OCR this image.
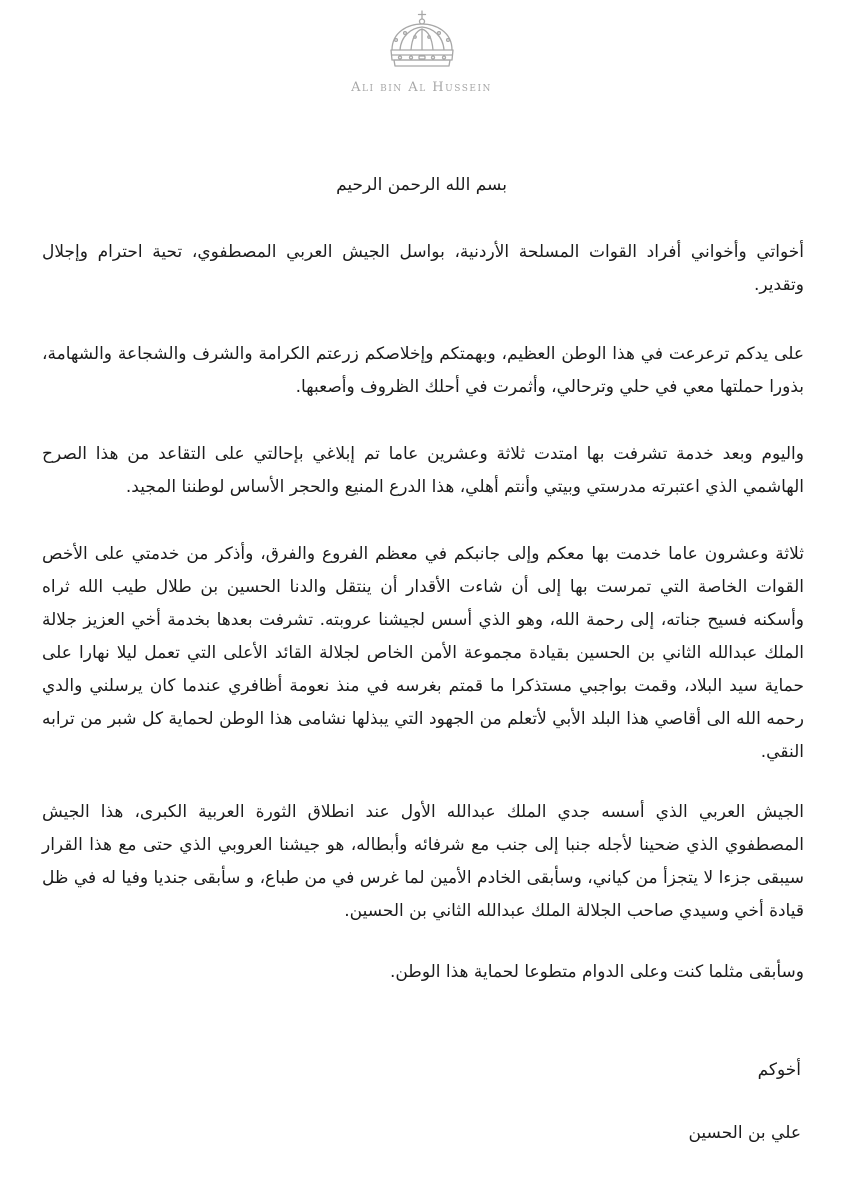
Ali bin Al Hussein
بسم الله الرحمن الرحيم

أخواتي وأخواني أفراد القوات المسلحة الأردنية، بواسل الجيش العربي المصطفوي، تحية احترام وإجلال وتقدير.

على يدكم ترعرعت في هذا الوطن العظيم، وبهمتكم وإخلاصكم زرعتم الكرامة والشرف والشجاعة والشهامة، بذورا حملتها معي في حلي وترحالي، وأثمرت في أحلك الظروف وأصعبها.

واليوم وبعد خدمة تشرفت بها امتدت ثلاثة وعشرين عاما تم إبلاغي بإحالتي على التقاعد من هذا الصرح الهاشمي الذي اعتبرته مدرستي وبيتي وأنتم أهلي، هذا الدرع المنيع والحجر الأساس لوطننا المجيد.

ثلاثة وعشرون عاما خدمت بها معكم وإلى جانبكم في معظم الفروع والفرق، وأذكر من خدمتي على الأخص القوات الخاصة التي تمرست بها إلى أن شاءت الأقدار أن ينتقل والدنا الحسين بن طلال طيب الله ثراه وأسكنه فسيح جناته، إلى رحمة الله، وهو الذي أسس لجيشنا عروبته. تشرفت بعدها بخدمة أخي العزيز جلالة الملك عبدالله الثاني بن الحسين بقيادة مجموعة الأمن الخاص لجلالة القائد الأعلى التي تعمل ليلا نهارا على حماية سيد البلاد، وقمت بواجبي مستذكرا ما قمتم بغرسه في منذ نعومة أظافري عندما كان يرسلني والدي رحمه الله الى أقاصي هذا البلد الأبي لأتعلم من الجهود التي يبذلها نشامى هذا الوطن لحماية كل شبر من ترابه النقي.

الجيش العربي الذي أسسه جدي الملك عبدالله الأول عند انطلاق الثورة العربية الكبرى، هذا الجيش المصطفوي الذي ضحينا لأجله جنبا إلى جنب مع شرفائه وأبطاله، هو جيشنا العروبي الذي حتى مع هذا القرار سيبقى جزءا لا يتجزأ من كياني، وسأبقى الخادم الأمين لما غرس في من طباع، و سأبقى جنديا وفيا له في ظل قيادة أخي وسيدي صاحب الجلالة الملك عبدالله الثاني بن الحسين.

وسأبقى مثلما كنت وعلى الدوام متطوعا لحماية هذا الوطن.

أخوكم
علي بن الحسين
